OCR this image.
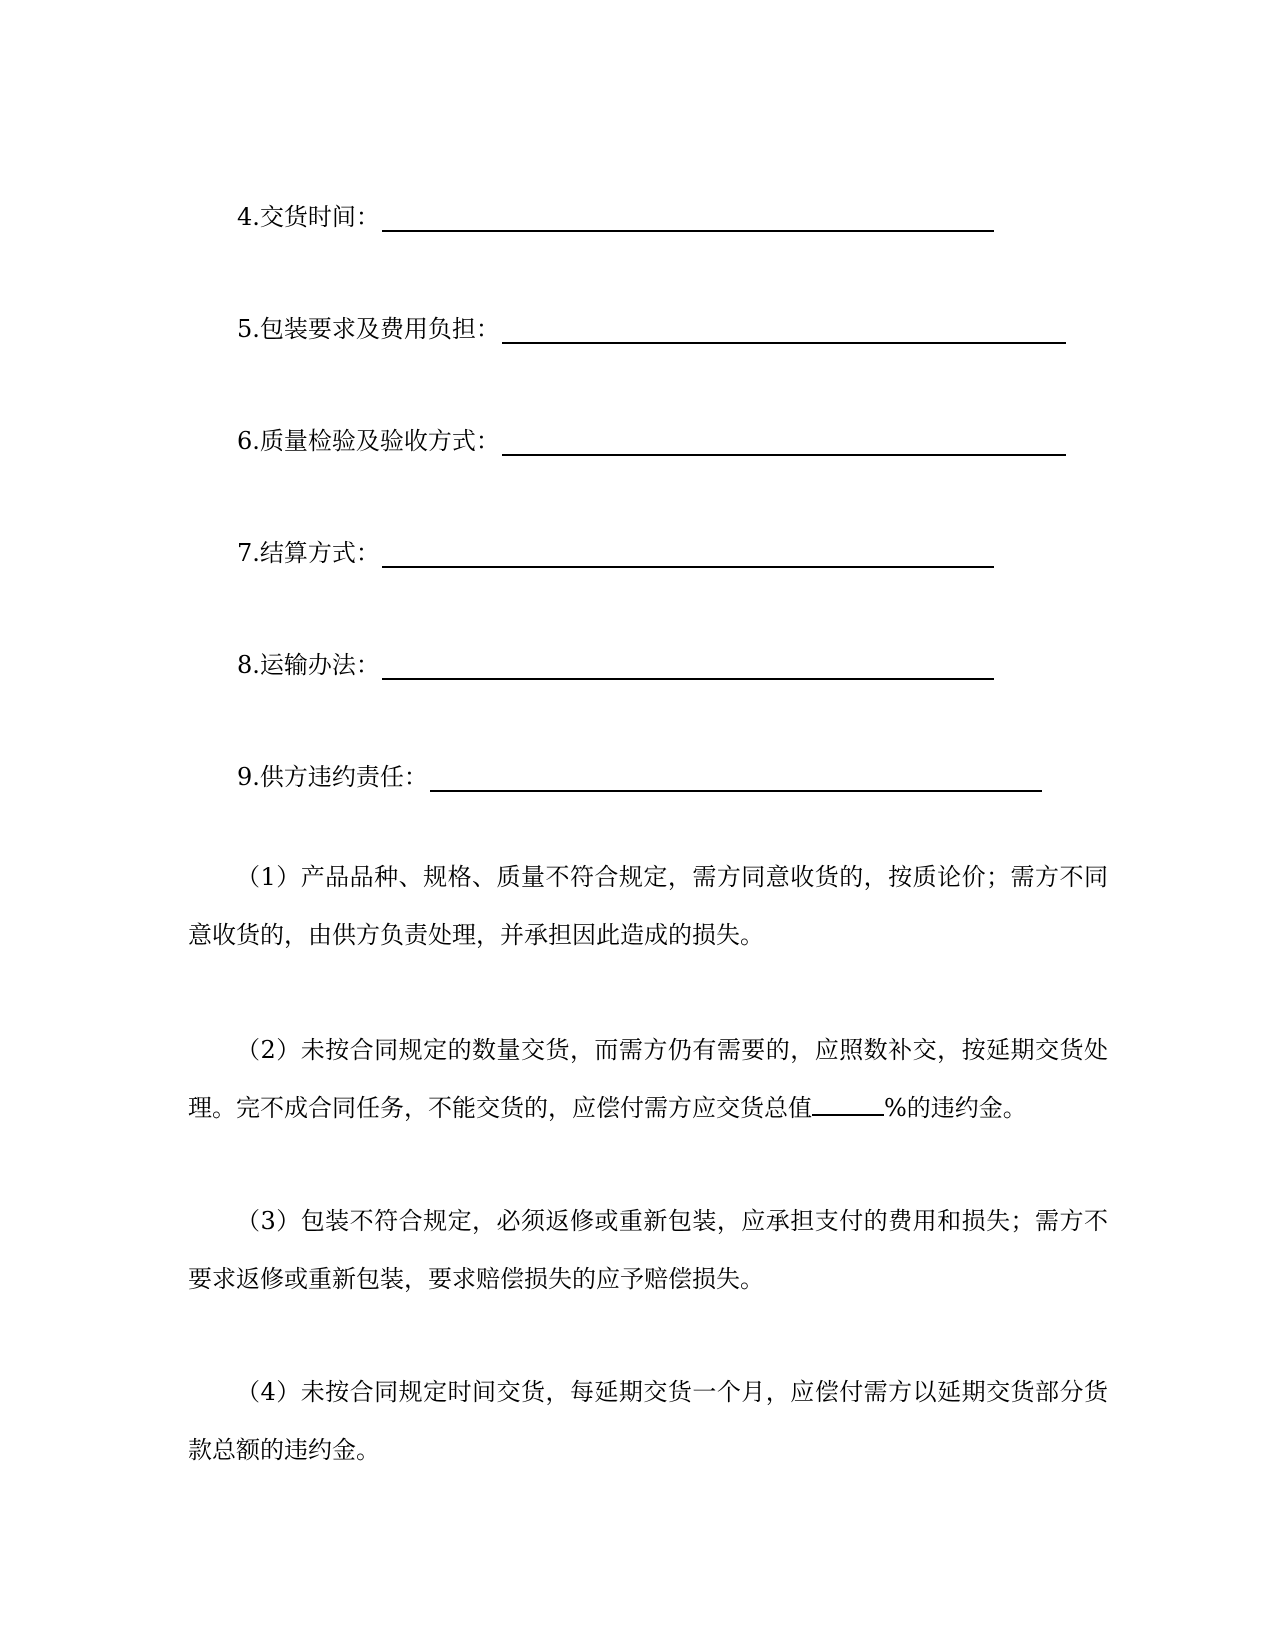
4.交货时间：
5.包装要求及费用负担：
6.质量检验及验收方式：
7.结算方式：
8.运输办法：
9.供方违约责任：

（1）产品品种、规格、质量不符合规定，需方同意收货的，按质论价；需方不同意收货的，由供方负责处理，并承担因此造成的损失。

（2）未按合同规定的数量交货，而需方仍有需要的，应照数补交，按延期交货处理。完不成合同任务，不能交货的，应偿付需方应交货总值	%的违约金。

（3）包装不符合规定，必须返修或重新包装，应承担支付的费用和损失；需方不要求返修或重新包装，要求赔偿损失的应予赔偿损失。

（4）未按合同规定时间交货，每延期交货一个月，应偿付需方以延期交货部分货款总额的违约金。
